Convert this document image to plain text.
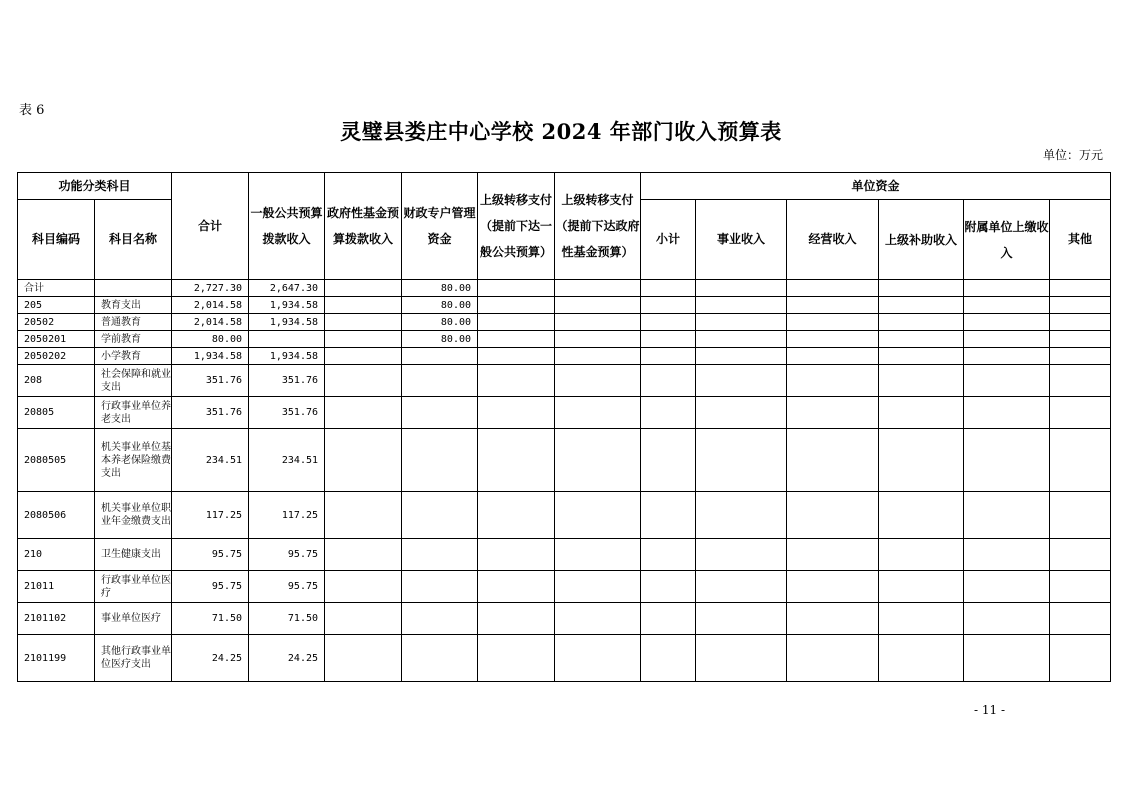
表 6
灵璧县娄庄中心学校 2024 年部门收入预算表
单位：万元
功能分类科目		合计	一般公共预算拨款收入	政府性基金预算拨款收入	财政专户管理资金	上级转移支付（提前下达一般公共预算）	上级转移支付（提前下达政府性基金预算）	单位资金					
科目编码	科目名称							小计	事业收入	经营收入	上级补助收入	附属单位上缴收入	其他
合计		2,727.30	2,647.30		80.00								
205	教育支出	2,014.58	1,934.58		80.00								
20502	普通教育	2,014.58	1,934.58		80.00								
2050201	学前教育	80.00			80.00								
2050202	小学教育	1,934.58	1,934.58										
208	社会保障和就业支出	351.76	351.76										
20805	行政事业单位养老支出	351.76	351.76										
2080505	机关事业单位基本养老保险缴费支出	234.51	234.51										
2080506	机关事业单位职业年金缴费支出	117.25	117.25										
210	卫生健康支出	95.75	95.75										
21011	行政事业单位医疗	95.75	95.75										
2101102	事业单位医疗	71.50	71.50										
2101199	其他行政事业单位医疗支出	24.25	24.25										
- 11 -
